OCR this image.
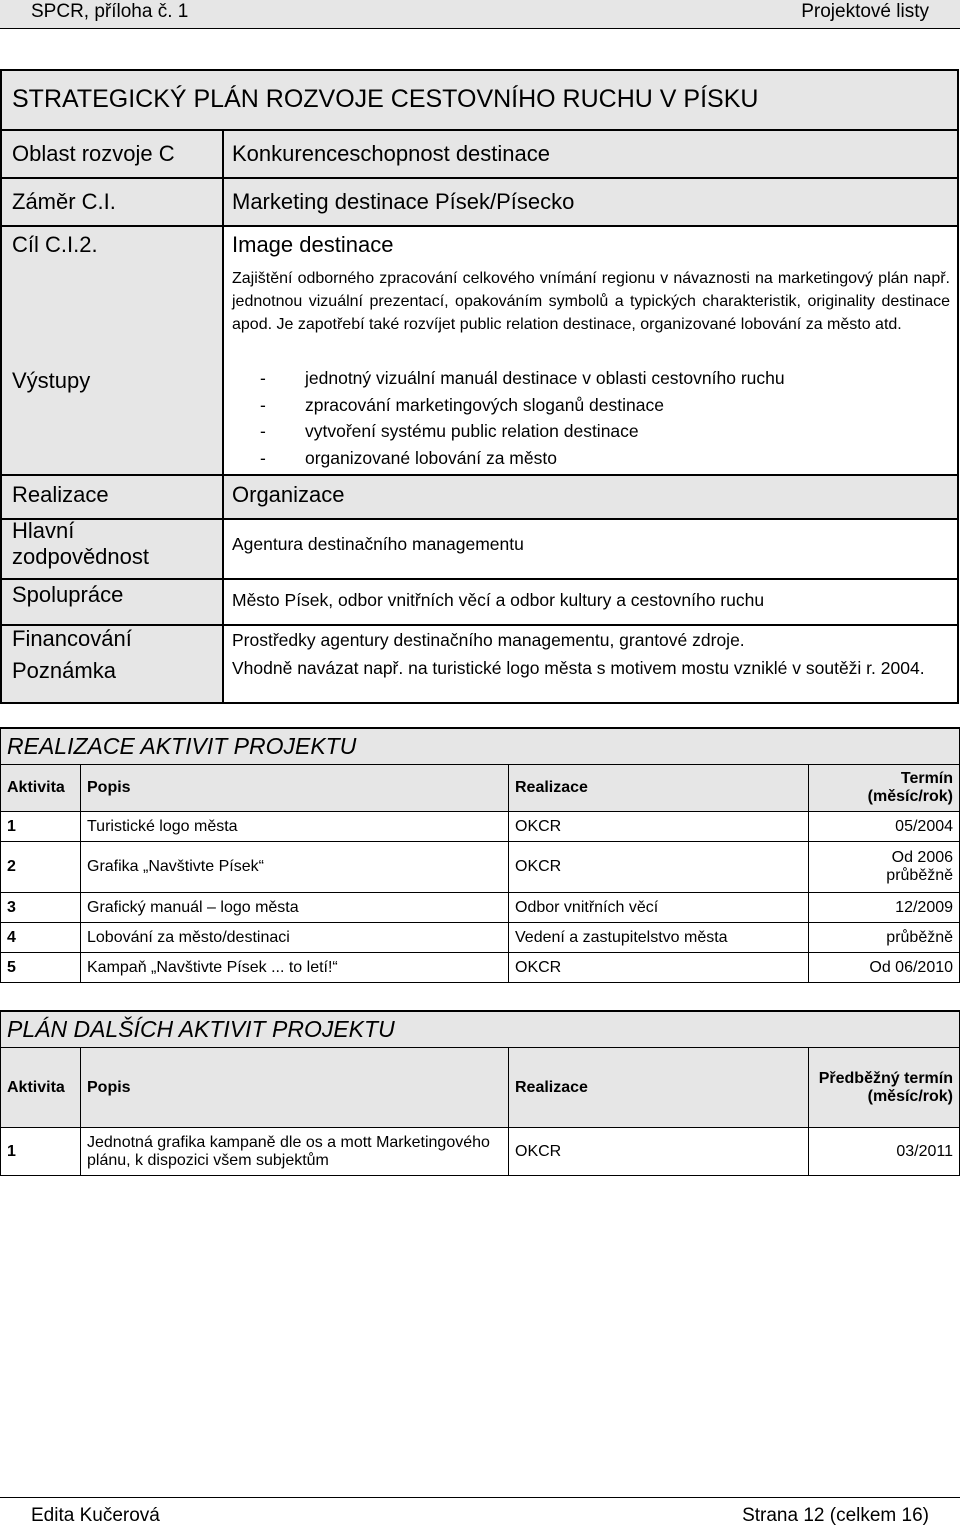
SPCR, příloha č. 1	Projektové listy
STRATEGICKÝ PLÁN ROZVOJE CESTOVNÍHO RUCHU V PÍSKU
Oblast rozvoje C	Konkurenceschopnost destinace
Záměr C.I.	Marketing destinace Písek/Písecko
Cíl C.I.2.	Image destinace
Zajištění odborného zpracování celkového vnímání regionu v návaznosti na marketingový plán např. jednotnou vizuální prezentací, opakováním symbolů a typických charakteristik, originality destinace apod. Je zapotřebí také rozvíjet public relation destinace, organizované lobování za město atd.
Výstupy	- jednotný vizuální manuál destinace v oblasti cestovního ruchu
- zpracování marketingových sloganů destinace
- vytvoření systému public relation destinace
- organizované lobování za město
Realizace	Organizace
Hlavní
zodpovědnost	Agentura destinačního managementu
Spolupráce	Město Písek, odbor vnitřních věcí a odbor kultury a cestovního ruchu
Financování	Prostředky agentury destinačního managementu, grantové zdroje.
Poznámka	Vhodně navázat např. na turistické logo města s motivem mostu vzniklé v soutěži r. 2004.
REALIZACE AKTIVIT PROJEKTU			
Aktivita	Popis	Realizace	Termín (měsíc/rok)
1	Turistické logo města	OKCR	05/2004
2	Grafika „Navštivte Písek“	OKCR	Od 2006 průběžně
3	Grafický manuál – logo města	Odbor vnitřních věcí	12/2009
4	Lobování za město/destinaci	Vedení a zastupitelstvo města	průběžně
5	Kampaň „Navštivte Písek ... to letí!“	OKCR	Od 06/2010
PLÁN DALŠÍCH AKTIVIT PROJEKTU			
Aktivita	Popis	Realizace	Předběžný termín (měsíc/rok)
1	Jednotná grafika kampaně dle os a mott Marketingového plánu, k dispozici všem subjektům	OKCR	03/2011
Edita Kučerová	Strana 12 (celkem 16)
